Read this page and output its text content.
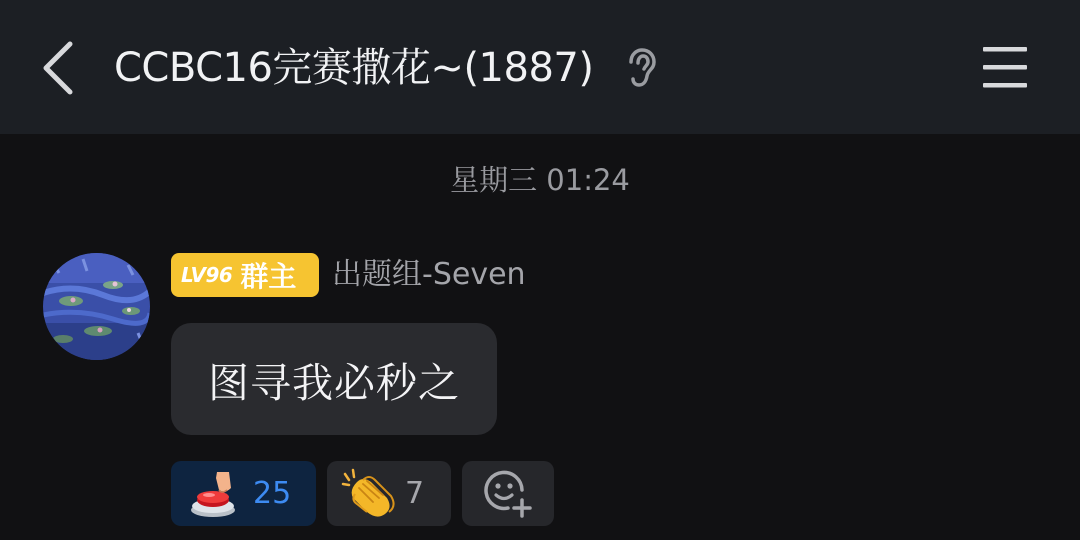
CCBC16完赛撒花~(1887)
星期三 01:24
LV96 群主 出题组-Seven
图寻我必秒之
25	7
